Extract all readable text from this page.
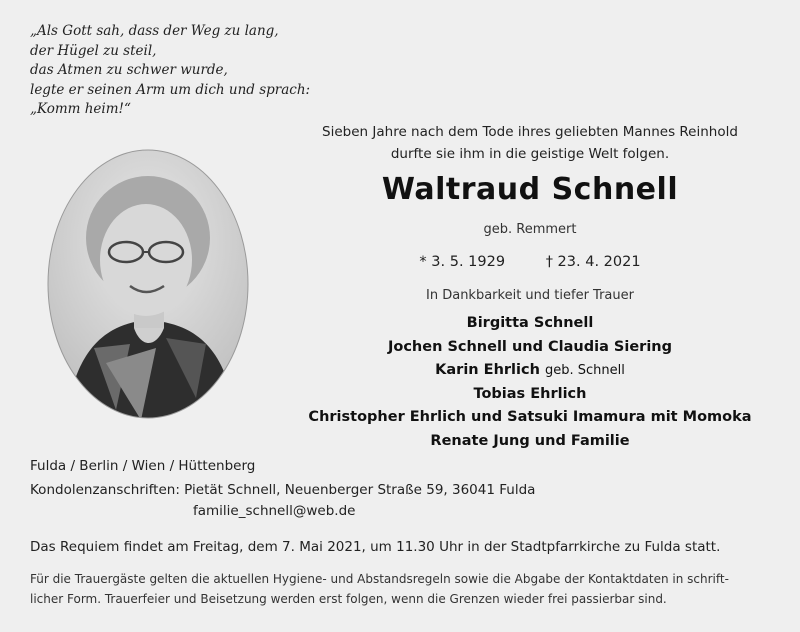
„Als Gott sah, dass der Weg zu lang,
der Hügel zu steil,
das Atmen zu schwer wurde,
legte er seinen Arm um dich und sprach:
„Komm heim!“
Sieben Jahre nach dem Tode ihres geliebten Mannes Reinhold
durfte sie ihm in die geistige Welt folgen.
Waltraud Schnell
geb. Remmert
* 3. 5. 1929	† 23. 4. 2021
In Dankbarkeit und tiefer Trauer
Birgitta Schnell
Jochen Schnell und Claudia Siering
Karin Ehrlich geb. Schnell
Tobias Ehrlich
Christopher Ehrlich und Satsuki Imamura mit Momoka
Renate Jung und Familie
Fulda / Berlin / Wien / Hüttenberg
Kondolenzanschriften: Pietät Schnell, Neuenberger Straße 59, 36041 Fulda
familie_schnell@web.de
Das Requiem findet am Freitag, dem 7. Mai 2021, um 11.30 Uhr in der Stadtpfarrkirche zu Fulda statt.
Für die Trauergäste gelten die aktuellen Hygiene- und Abstandsregeln sowie die Abgabe der Kontaktdaten in schrift-
licher Form. Trauerfeier und Beisetzung werden erst folgen, wenn die Grenzen wieder frei passierbar sind.
